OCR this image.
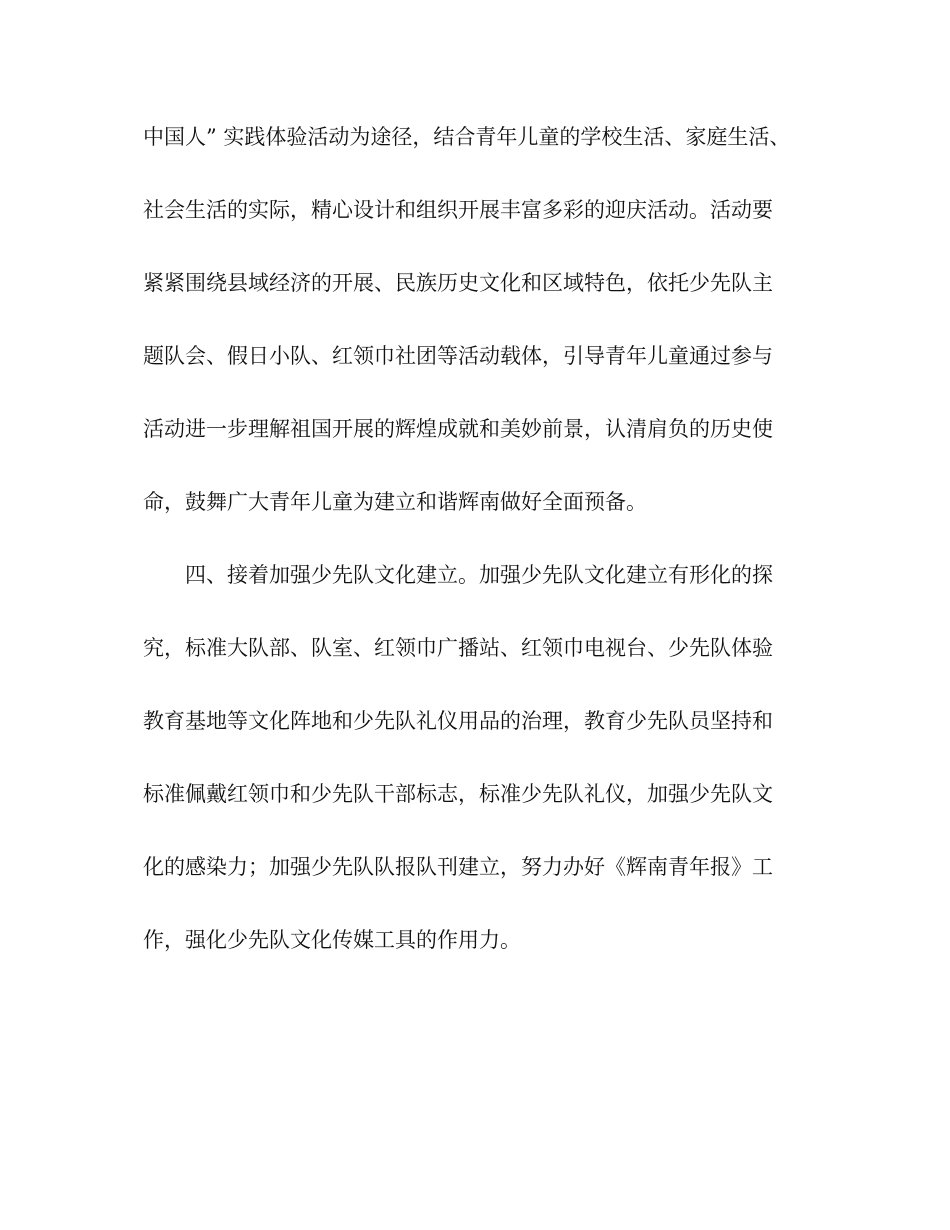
中国人” 实践体验活动为途径，结合青年儿童的学校生活、家庭生活、
社会生活的实际，精心设计和组织开展丰富多彩的迎庆活动。活动要
紧紧围绕县域经济的开展、民族历史文化和区域特色，依托少先队主
题队会、假日小队、红领巾社团等活动载体，引导青年儿童通过参与
活动进一步理解祖国开展的辉煌成就和美妙前景，认清肩负的历史使
命，鼓舞广大青年儿童为建立和谐辉南做好全面预备。
四、接着加强少先队文化建立。加强少先队文化建立有形化的探
究，标准大队部、队室、红领巾广播站、红领巾电视台、少先队体验
教育基地等文化阵地和少先队礼仪用品的治理，教育少先队员坚持和
标准佩戴红领巾和少先队干部标志，标准少先队礼仪，加强少先队文
化的感染力；加强少先队队报队刊建立，努力办好《辉南青年报》工
作，强化少先队文化传媒工具的作用力。
